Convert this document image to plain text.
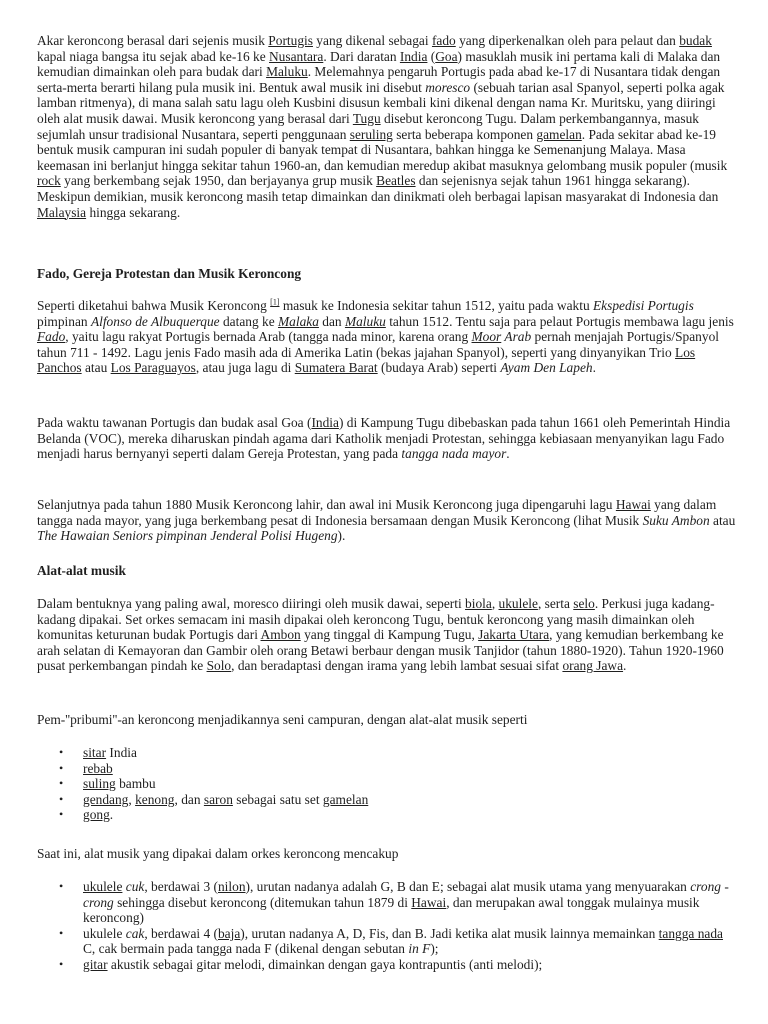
Akar keroncong berasal dari sejenis musik Portugis yang dikenal sebagai fado yang diperkenalkan oleh para pelaut dan budak kapal niaga bangsa itu sejak abad ke-16 ke Nusantara. Dari daratan India (Goa) masuklah musik ini pertama kali di Malaka dan kemudian dimainkan oleh para budak dari Maluku. Melemahnya pengaruh Portugis pada abad ke-17 di Nusantara tidak dengan serta-merta berarti hilang pula musik ini. Bentuk awal musik ini disebut moresco (sebuah tarian asal Spanyol, seperti polka agak lamban ritmenya), di mana salah satu lagu oleh Kusbini disusun kembali kini dikenal dengan nama Kr. Muritsku, yang diiringi oleh alat musik dawai. Musik keroncong yang berasal dari Tugu disebut keroncong Tugu. Dalam perkembangannya, masuk sejumlah unsur tradisional Nusantara, seperti penggunaan seruling serta beberapa komponen gamelan. Pada sekitar abad ke-19 bentuk musik campuran ini sudah populer di banyak tempat di Nusantara, bahkan hingga ke Semenanjung Malaya. Masa keemasan ini berlanjut hingga sekitar tahun 1960-an, dan kemudian meredup akibat masuknya gelombang musik populer (musik rock yang berkembang sejak 1950, dan berjayanya grup musik Beatles dan sejenisnya sejak tahun 1961 hingga sekarang). Meskipun demikian, musik keroncong masih tetap dimainkan dan dinikmati oleh berbagai lapisan masyarakat di Indonesia dan Malaysia hingga sekarang.

Fado, Gereja Protestan dan Musik Keroncong

Seperti diketahui bahwa Musik Keroncong [1] masuk ke Indonesia sekitar tahun 1512, yaitu pada waktu Ekspedisi Portugis pimpinan Alfonso de Albuquerque datang ke Malaka dan Maluku tahun 1512. Tentu saja para pelaut Portugis membawa lagu jenis Fado, yaitu lagu rakyat Portugis bernada Arab (tangga nada minor, karena orang Moor Arab pernah menjajah Portugis/Spanyol tahun 711 - 1492. Lagu jenis Fado masih ada di Amerika Latin (bekas jajahan Spanyol), seperti yang dinyanyikan Trio Los Panchos atau Los Paraguayos, atau juga lagu di Sumatera Barat (budaya Arab) seperti Ayam Den Lapeh.

Pada waktu tawanan Portugis dan budak asal Goa (India) di Kampung Tugu dibebaskan pada tahun 1661 oleh Pemerintah Hindia Belanda (VOC), mereka diharuskan pindah agama dari Katholik menjadi Protestan, sehingga kebiasaan menyanyikan lagu Fado menjadi harus bernyanyi seperti dalam Gereja Protestan, yang pada tangga nada mayor.

Selanjutnya pada tahun 1880 Musik Keroncong lahir, dan awal ini Musik Keroncong juga dipengaruhi lagu Hawai yang dalam tangga nada mayor, yang juga berkembang pesat di Indonesia bersamaan dengan Musik Keroncong (lihat Musik Suku Ambon atau The Hawaian Seniors pimpinan Jenderal Polisi Hugeng).

Alat-alat musik

Dalam bentuknya yang paling awal, moresco diiringi oleh musik dawai, seperti biola, ukulele, serta selo. Perkusi juga kadang-kadang dipakai. Set orkes semacam ini masih dipakai oleh keroncong Tugu, bentuk keroncong yang masih dimainkan oleh komunitas keturunan budak Portugis dari Ambon yang tinggal di Kampung Tugu, Jakarta Utara, yang kemudian berkembang ke arah selatan di Kemayoran dan Gambir oleh orang Betawi berbaur dengan musik Tanjidor (tahun 1880-1920). Tahun 1920-1960 pusat perkembangan pindah ke Solo, dan beradaptasi dengan irama yang lebih lambat sesuai sifat orang Jawa.

Pem-''pribumi''-an keroncong menjadikannya seni campuran, dengan alat-alat musik seperti

• sitar India
• rebab
• suling bambu
• gendang, kenong, dan saron sebagai satu set gamelan
• gong.

Saat ini, alat musik yang dipakai dalam orkes keroncong mencakup

• ukulele cuk, berdawai 3 (nilon), urutan nadanya adalah G, B dan E; sebagai alat musik utama yang menyuarakan crong - crong sehingga disebut keroncong (ditemukan tahun 1879 di Hawai, dan merupakan awal tonggak mulainya musik keroncong)
• ukulele cak, berdawai 4 (baja), urutan nadanya A, D, Fis, dan B. Jadi ketika alat musik lainnya memainkan tangga nada C, cak bermain pada tangga nada F (dikenal dengan sebutan in F);
• gitar akustik sebagai gitar melodi, dimainkan dengan gaya kontrapuntis (anti melodi);
